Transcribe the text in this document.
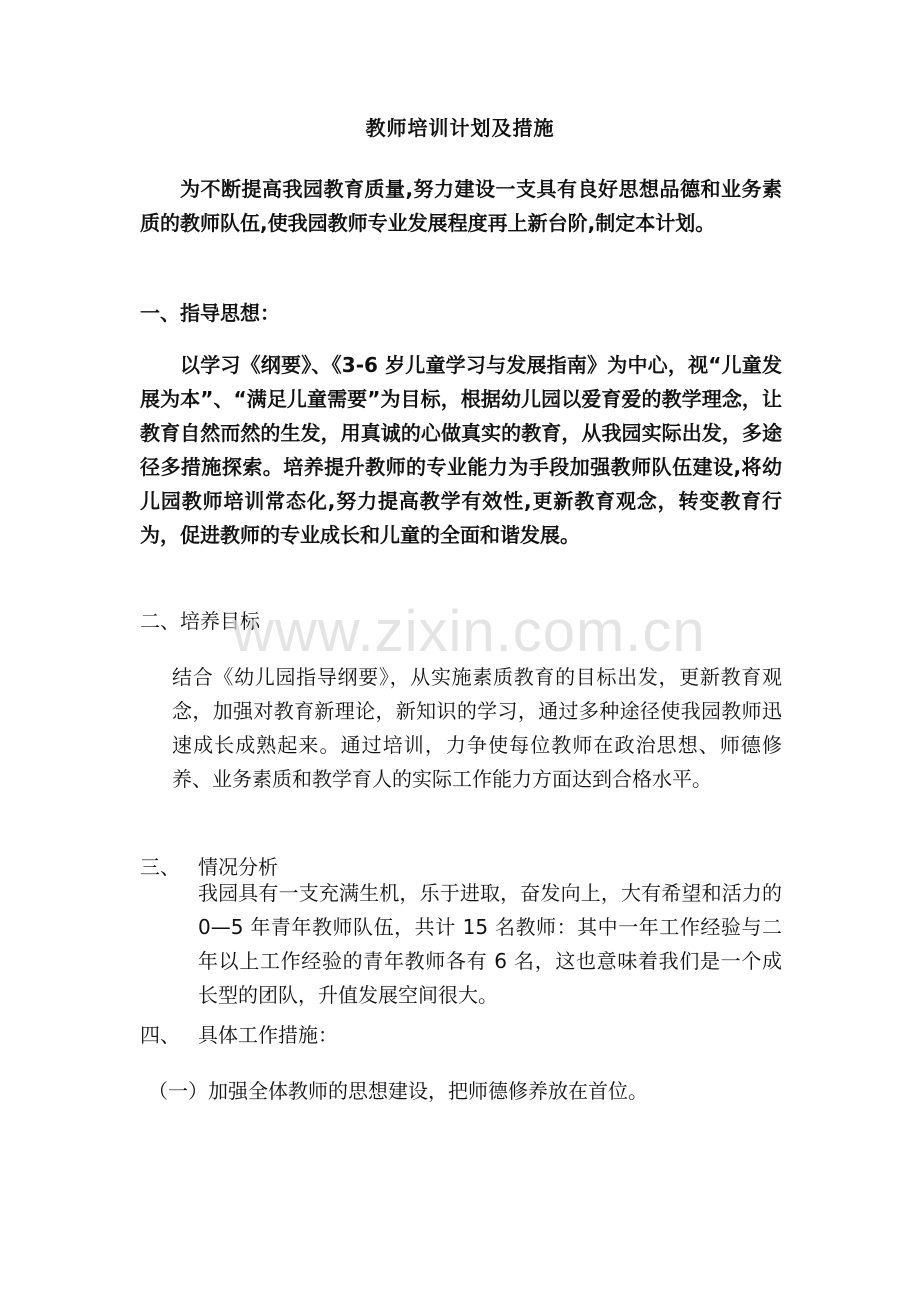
教师培训计划及措施

为不断提高我园教育质量,努力建设一支具有良好思想品德和业务素质的教师队伍,使我园教师专业发展程度再上新台阶,制定本计划。

一、指导思想：

以学习《纲要》、《3-6 岁儿童学习与发展指南》为中心，视“儿童发展为本”、“满足儿童需要”为目标，根据幼儿园以爱育爱的教学理念，让教育自然而然的生发，用真诚的心做真实的教育，从我园实际出发，多途径多措施探索。培养提升教师的专业能力为手段加强教师队伍建设,将幼儿园教师培训常态化,努力提高教学有效性,更新教育观念，转变教育行为，促进教师的专业成长和儿童的全面和谐发展。

二、培养目标

结合《幼儿园指导纲要》，从实施素质教育的目标出发，更新教育观念，加强对教育新理论，新知识的学习，通过多种途径使我园教师迅速成长成熟起来。通过培训，力争使每位教师在政治思想、师德修养、业务素质和教学育人的实际工作能力方面达到合格水平。

三、 情况分析

我园具有一支充满生机，乐于进取，奋发向上，大有希望和活力的 0—5 年青年教师队伍，共计 15 名教师：其中一年工作经验与二 年以上工作经验的青年教师各有 6 名，这也意味着我们是一个成长型的团队，升值发展空间很大。

四、 具体工作措施：

（一）加强全体教师的思想建设，把师德修养放在首位。

www.zixin.com.cn
